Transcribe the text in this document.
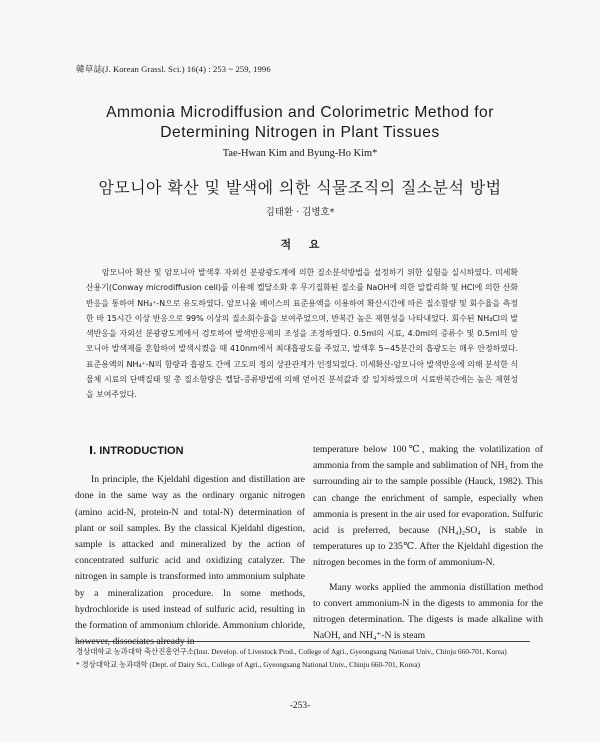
韓草誌(J. Korean Grassl. Sci.) 16(4) : 253 ~ 259, 1996
Ammonia Microdiffusion and Colorimetric Method for
Determining Nitrogen in Plant Tissues
Tae-Hwan Kim and Byung-Ho Kim*
암모니아 확산 및 발색에 의한 식물조직의 질소분석 방법
김태환 · 김병호*
적 요
암모니아 확산 및 암모니아 발색후 자외선 분광광도계에 의한 질소분석방법을 설정하기 위한 실험을 실시하였다. 미세확산용기(Conway microdiffusion cell)를 이용해 켈달소화 후 무기질화된 질소를 NaOH에 의한 알칼리화 및 HCl에 의한 산화반응을 통하여 NH₄⁺-N으로 유도하였다. 암모니움 베이스의 표준용액을 이용하여 확산시간에 따른 질소함량 및 회수율을 측정한 바 15시간 이상 반응으로 99% 이상의 질소회수율을 보여주었으며, 반복간 높은 재현성을 나타내었다. 회수된 NH₄Cl의 발색반응을 자외선 분광광도계에서 검토하여 발색반응제의 조성을 조정하였다. 0.5ml의 시료, 4.0ml의 증류수 및 0.5ml의 암모니아 발색제를 혼합하여 발색시켰을 때 410nm에서 최대흡광도를 주었고, 발색후 5~45분간의 흡광도는 매우 안정하였다. 표준용액의 NH₄⁺-N의 함량과 흡광도 간에 고도의 정의 상관관계가 인정되었다. 미세확산-암모니아 발색반응에 의해 분석한 식물체 시료의 단백질태 및 총 질소함량은 켈달-증류방법에 의해 얻어진 분석값과 잘 일치하였으며 시료반복간에는 높은 재현성을 보여주었다.
Ⅰ. INTRODUCTION

In principle, the Kjeldahl digestion and distillation are done in the same way as the ordinary organic nitrogen (amino acid-N, protein-N and total-N) determination of plant or soil samples. By the classical Kjeldahl digestion, sample is attacked and mineralized by the action of concentrated sulfuric acid and oxidizing catalyzer. The nitrogen in sample is transformed into ammonium sulphate by a mineralization procedure. In some methods, hydrochloride is used instead of sulfuric acid, resulting in the formation of ammonium chloride. Ammonium chloride, however, dissociates already in

temperature below 100℃, making the volatilization of ammonia from the sample and sublimation of NH₃ from the surrounding air to the sample possible (Hauck, 1982). This can change the enrichment of sample, especially when ammonia is present in the air used for evaporation. Sulfuric acid is preferred, because (NH₄)₂SO₄ is stable in temperatures up to 235℃. After the Kjeldahl digestion the nitrogen becomes in the form of ammonium-N.

Many works applied the ammonia distillation method to convert ammonium-N in the digests to ammonia for the nitrogen determination. The digests is made alkaline with NaOH, and NH₄⁺-N is steam

경상대학교 농과대학 축산진흥연구소(Inst. Develop. of Livestock Prod., College of Agri., Gyeongsang National Univ., Chinju 660-701, Korea)
* 경상대학교 농과대학 (Dept. of Dairy Sci., College of Agri., Gyeongsang National Univ., Chinju 660-701, Korea)
-253-
·
